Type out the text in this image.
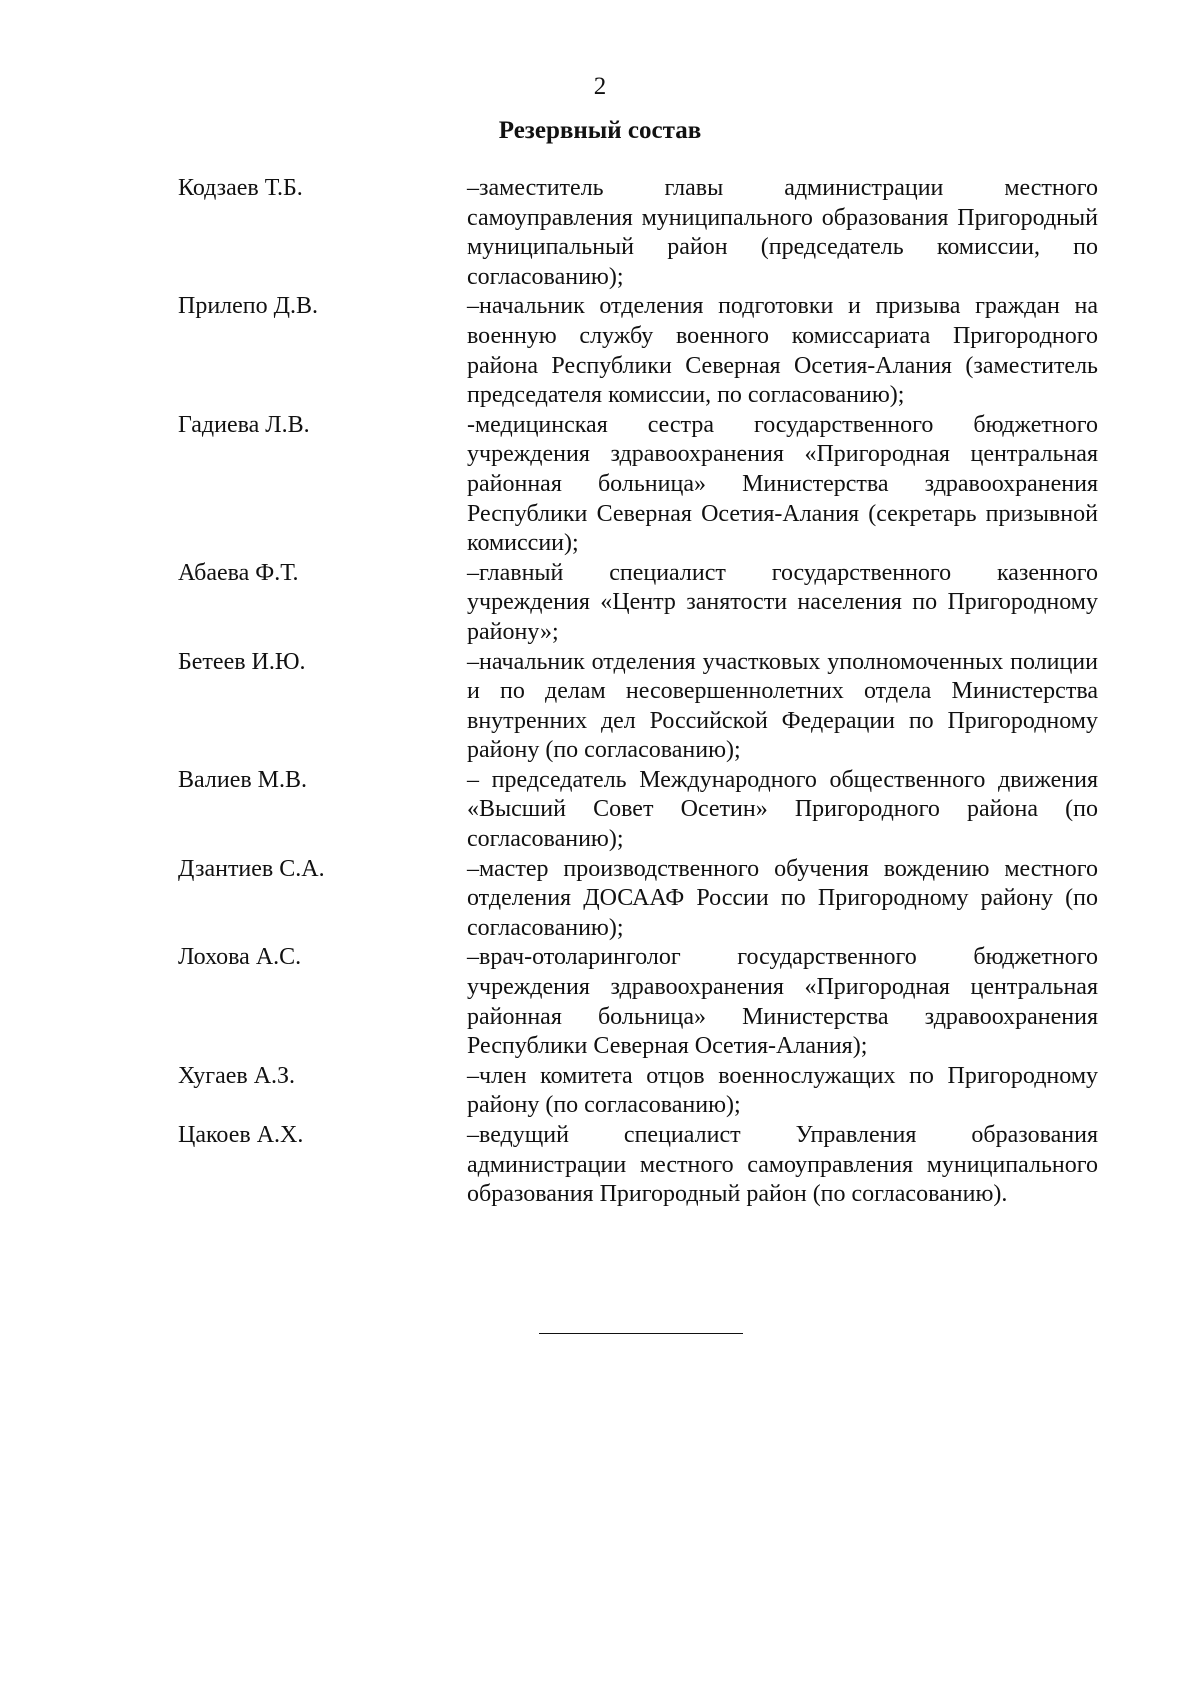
2
Резервный состав
Кодзаев Т.Б.	–заместитель главы администрации местного самоуправления муниципального образования Пригородный муниципальный район (председатель комиссии, по согласованию);
Прилепо Д.В.	–начальник отделения подготовки и призыва граждан на военную службу военного комиссариата Пригородного района Республики Северная Осетия-Алания (заместитель председателя комиссии, по согласованию);
Гадиева Л.В.	-медицинская сестра государственного бюджетного учреждения здравоохранения «Пригородная центральная районная больница» Министерства здравоохранения Республики Северная Осетия-Алания (секретарь призывной комиссии);
Абаева Ф.Т.	–главный специалист государственного казенного учреждения «Центр занятости населения по Пригородному району»;
Бетеев И.Ю.	–начальник отделения участковых уполномоченных полиции и по делам несовершеннолетних отдела Министерства внутренних дел Российской Федерации по Пригородному району (по согласованию);
Валиев М.В.	– председатель Международного общественного движения «Высший Совет Осетин» Пригородного района (по согласованию);
Дзантиев С.А.	–мастер производственного обучения вождению местного отделения ДОСААФ России по Пригородному району (по согласованию);
Лохова А.С.	–врач-отоларинголог государственного бюджетного учреждения здравоохранения «Пригородная центральная районная больница» Министерства здравоохранения Республики Северная Осетия-Алания);
Хугаев А.З.	–член комитета отцов военнослужащих по Пригородному району (по согласованию);
Цакоев А.Х.	–ведущий специалист Управления образования администрации местного самоуправления муниципального образования Пригородный район (по согласованию).
